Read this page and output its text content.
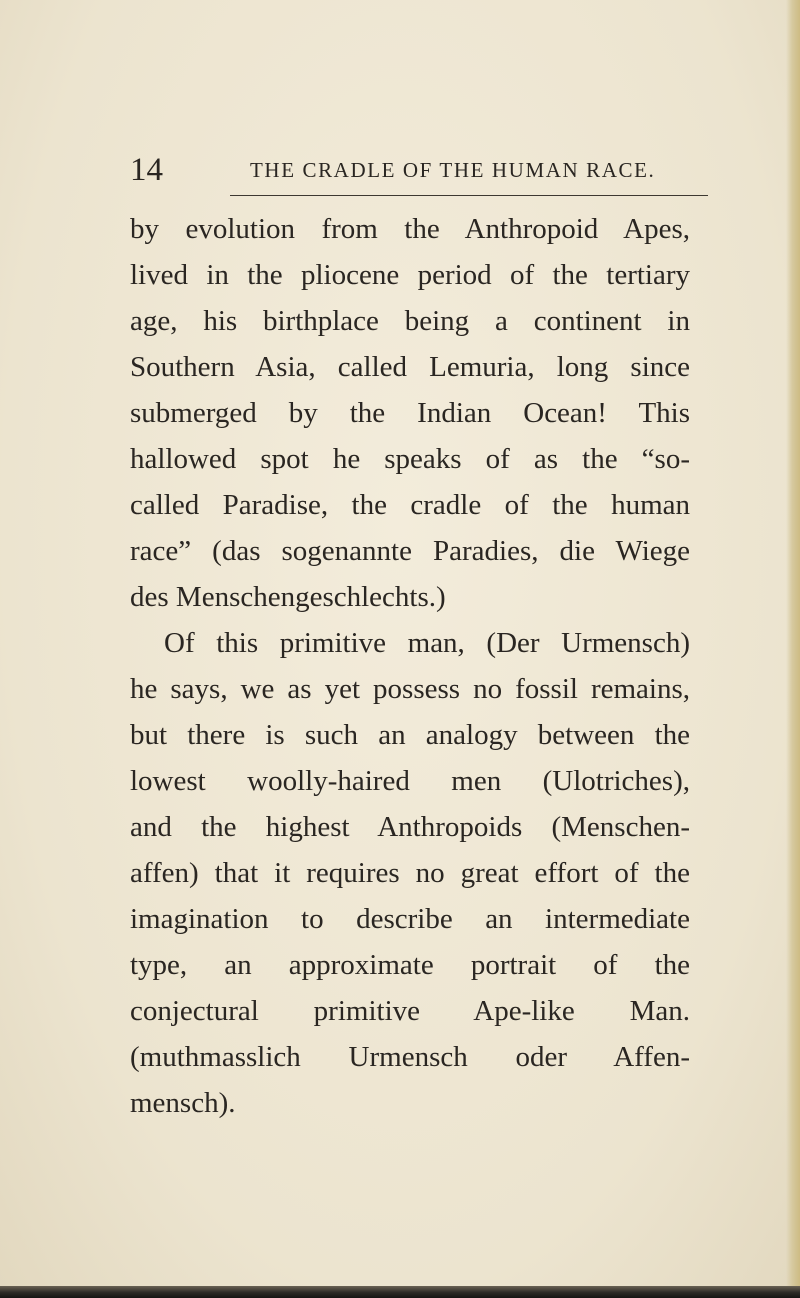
14	THE CRADLE OF THE HUMAN RACE.
by evolution from the Anthropoid Apes,
lived in the pliocene period of the tertiary
age, his birthplace being a continent in
Southern Asia, called Lemuria, long since
submerged by the Indian Ocean! This
hallowed spot he speaks of as the “so-
called Paradise, the cradle of the human
race” (das sogenannte Paradies, die Wiege
des Menschengeschlechts.)
Of this primitive man, (Der Urmensch)
he says, we as yet possess no fossil remains,
but there is such an analogy between the
lowest woolly-haired men (Ulotriches),
and the highest Anthropoids (Menschen-
affen) that it requires no great effort of the
imagination to describe an intermediate
type, an approximate portrait of the
conjectural primitive Ape-like Man.
(muthmasslich Urmensch oder Affen-
mensch).
